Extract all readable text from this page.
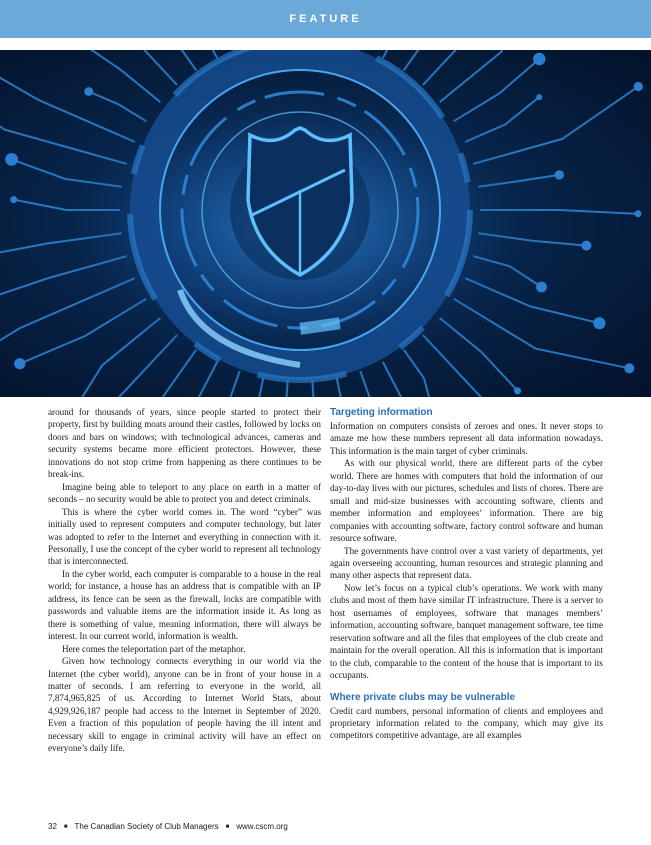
FEATURE

around for thousands of years, since people started to protect their property, first by building moats around their castles, followed by locks on doors and bars on windows; with technological advances, cameras and security systems became more efficient protectors. However, these innovations do not stop crime from happening as there continues to be break-ins.

Imagine being able to teleport to any place on earth in a matter of seconds – no security would be able to protect you and detect criminals.

This is where the cyber world comes in. The word “cyber” was initially used to represent computers and computer technology, but later was adopted to refer to the Internet and everything in connection with it. Personally, I use the concept of the cyber world to represent all technology that is interconnected.

In the cyber world, each computer is comparable to a house in the real world; for instance, a house has an address that is compatible with an IP address, its fence can be seen as the firewall, locks are compatible with passwords and valuable items are the information inside it. As long as there is something of value, meaning information, there will always be interest. In our current world, information is wealth.

Here comes the teleportation part of the metaphor.

Given how technology connects everything in our world via the Internet (the cyber world), anyone can be in front of your house in a matter of seconds. I am referring to everyone in the world, all 7,874,965,825 of us. According to Internet World Stats, about 4,929,926,187 people had access to the Internet in September of 2020. Even a fraction of this population of people having the ill intent and necessary skill to engage in criminal activity will have an effect on everyone’s daily life.

Targeting information

Information on computers consists of zeroes and ones. It never stops to amaze me how these numbers represent all data information nowadays. This information is the main target of cyber criminals.

As with our physical world, there are different parts of the cyber world. There are homes with computers that hold the information of our day-to-day lives with our pictures, schedules and lists of chores. There are small and mid-size businesses with accounting software, clients and member information and employees’ information. There are big companies with accounting software, factory control software and human resource software.

The governments have control over a vast variety of departments, yet again overseeing accounting, human resources and strategic planning and many other aspects that represent data.

Now let’s focus on a typical club’s operations. We work with many clubs and most of them have similar IT infrastructure. There is a server to host usernames of employees, software that manages members’ information, accounting software, banquet management software, tee time reservation software and all the files that employees of the club create and maintain for the overall operation. All this is information that is important to the club, comparable to the content of the house that is important to its occupants.

Where private clubs may be vulnerable

Credit card numbers, personal information of clients and employees and proprietary information related to the company, which may give its competitors competitive advantage, are all examples

32 ■ The Canadian Society of Club Managers ■ www.cscm.org
